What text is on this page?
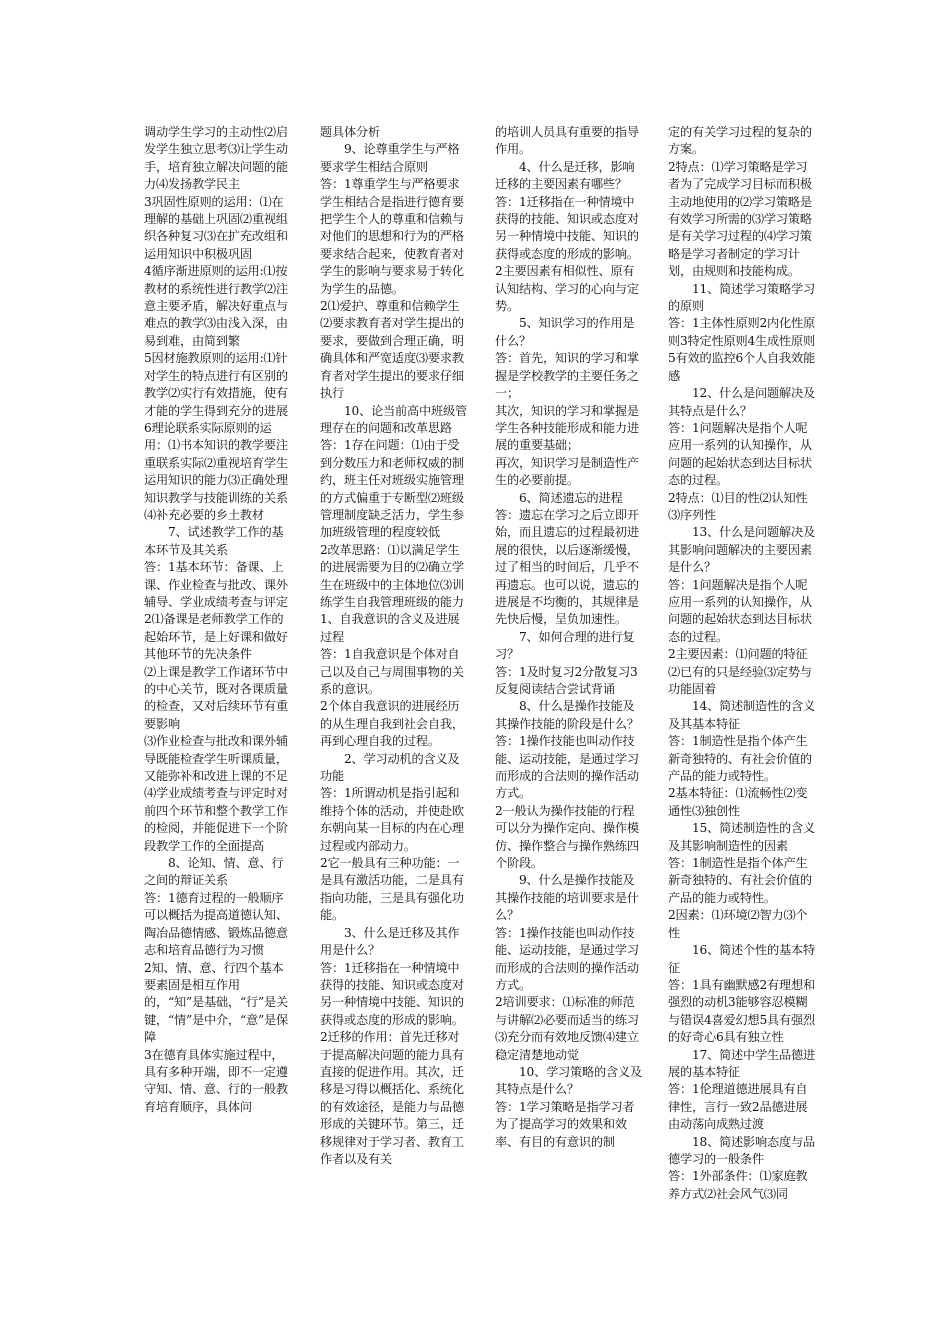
调动学生学习的主动性⑵启发学生独立思考⑶让学生动手，培育独立解决问题的能力⑷发扬教学民主

3巩固性原则的运用：⑴在理解的基础上巩固⑵重视组织各种复习⑶在扩充改组和运用知识中积极巩固

4循序渐进原则的运用:⑴按教材的系统性进行教学⑵注意主要矛盾，解决好重点与难点的教学⑶由浅入深，由易到难，由简到繁

5因材施教原则的运用:⑴针对学生的特点进行有区别的教学⑵实行有效措施，使有才能的学生得到充分的进展

6理论联系实际原则的运用：⑴书本知识的教学要注重联系实际⑵重视培育学生运用知识的能力⑶正确处理知识教学与技能训练的关系⑷补充必要的乡土教材

　　7、试述教学工作的基本环节及其关系

答：1基本环节：备课、上课、作业检查与批改、课外辅导、学业成绩考查与评定

2⑴备课是老师教学工作的起始环节，是上好课和做好其他环节的先决条件

⑵上课是教学工作诸环节中的中心关节，既对各课质量的检查，又对后续环节有重要影响

⑶作业检查与批改和课外辅导既能检查学生听课质量，又能弥补和改进上课的不足

⑷学业成绩考查与评定时对前四个环节和整个教学工作的检阅，并能促进下一个阶段教学工作的全面提高

　　8、论知、情、意、行之间的辩证关系

答：1德育过程的一般顺序可以概括为提高道德认知、陶冶品德情感、锻炼品德意志和培育品德行为习惯

2知、情、意、行四个基本要素固是相互作用的，“知”是基础，“行”是关键，“情”是中介，“意”是保障

3在德育具体实施过程中，具有多种开端，即不一定遵守知、情、意、行的一般教育培育顺序，具体问

题具体分析

　　9、论尊重学生与严格要求学生相结合原则

答：1尊重学生与严格要求学生相结合是指进行德育要把学生个人的尊重和信赖与对他们的思想和行为的严格要求结合起来，使教育者对学生的影响与要求易于转化为学生的品德。

2⑴爱护、尊重和信赖学生⑵要求教育者对学生提出的要求，要做到合理正确，明确具体和严宽适度⑶要求教育者对学生提出的要求仔细执行

　　10、论当前高中班级管理存在的问题和改革思路

答：1存在问题：⑴由于受到分数压力和老师权威的制约，班主任对班级实施管理的方式偏重于专断型⑵班级管理制度缺乏活力，学生参加班级管理的程度较低

2改革思路：⑴以满足学生的进展需要为目的⑵确立学生在班级中的主体地位⑶训练学生自我管理班级的能力1、自我意识的含义及进展过程

答：1自我意识是个体对自己以及自己与周围事物的关系的意识。

2个体自我意识的进展经历的从生理自我到社会自我，再到心理自我的过程。

　　2、学习动机的含义及功能

答：1所谓动机是指引起和维持个体的活动，并使赴欧东朝向某一目标的内在心理过程或内部动力。

2它一般具有三种功能：一是具有激活功能，二是具有指向功能，三是具有强化功能。

　　3、什么是迁移及其作用是什么？

答：1迁移指在一种情境中获得的技能、知识或态度对另一种情境中技能、知识的获得或态度的形成的影响。

2迁移的作用：首先迁移对于提高解决问题的能力具有直接的促进作用。其次，迁移是习得以概括化、系统化的有效途径，是能力与品德形成的关键环节。第三，迁移规律对于学习者、教育工作者以及有关

的培训人员具有重要的指导作用。

　　4、什么是迁移，影响迁移的主要因素有哪些？

答：1迁移指在一种情境中获得的技能、知识或态度对另一种情境中技能、知识的获得或态度的形成的影响。

2主要因素有相似性、原有认知结构、学习的心向与定势。

　　5、知识学习的作用是什么？

答：首先，知识的学习和掌握是学校教学的主要任务之一；

其次，知识的学习和掌握是学生各种技能形成和能力进展的重要基础；

再次，知识学习是制造性产生的必要前提。

　　6、简述遗忘的进程

答：遗忘在学习之后立即开始，而且遗忘的过程最初进展的很快，以后逐渐缓慢，过了相当的时间后，几乎不再遗忘。也可以说，遗忘的进展是不均衡的，其规律是先快后慢，呈负加速性。

　　7、如何合理的进行复习？

答：1及时复习2分散复习3反复阅读结合尝试背诵

　　8、什么是操作技能及其操作技能的阶段是什么？

答：1操作技能也叫动作技能、运动技能，是通过学习而形成的合法则的操作活动方式。

2一般认为操作技能的行程可以分为操作定向、操作模仿、操作整合与操作熟练四个阶段。

　　9、什么是操作技能及其操作技能的培训要求是什么？

答：1操作技能也叫动作技能、运动技能，是通过学习而形成的合法则的操作活动方式。

2培训要求：⑴标准的师范与讲解⑵必要而适当的练习⑶充分而有效地反馈⑷建立稳定清楚地动觉

　　10、学习策略的含义及其特点是什么？

答：1学习策略是指学习者为了提高学习的效果和效率、有目的有意识的制

定的有关学习过程的复杂的方案。

2特点：⑴学习策略是学习者为了完成学习目标而积极主动地使用的⑵学习策略是有效学习所需的⑶学习策略是有关学习过程的⑷学习策略是学习者制定的学习计划，由规则和技能构成。

　　11、简述学习策略学习的原则

答：1主体性原则2内化性原则3特定性原则4生成性原则5有效的监控6个人自我效能感

　　12、什么是问题解决及其特点是什么？

答：1问题解决是指个人呢应用一系列的认知操作，从问题的起始状态到达目标状态的过程。

2特点：⑴目的性⑵认知性⑶序列性

　　13、什么是问题解决及其影响问题解决的主要因素是什么？

答：1问题解决是指个人呢应用一系列的认知操作，从问题的起始状态到达目标状态的过程。

2主要因素：⑴问题的特征⑵已有的只是经验⑶定势与功能固着

　　14、简述制造性的含义及其基本特征

答：1制造性是指个体产生新奇独特的、有社会价值的产品的能力或特性。

2基本特征：⑴流畅性⑵变通性⑶独创性

　　15、简述制造性的含义及其影响制造性的因素

答：1制造性是指个体产生新奇独特的、有社会价值的产品的能力或特性。

2因素：⑴环境⑵智力⑶个性

　　16、简述个性的基本特征

答：1具有幽默感2有理想和强烈的动机3能够容忍模糊与错误4喜爱幻想5具有强烈的好奇心6具有独立性

　　17、简述中学生品德进展的基本特征

答：1伦理道德进展具有自律性，言行一致2品德进展由动荡向成熟过渡

　　18、简述影响态度与品德学习的一般条件

答：1外部条件：⑴家庭教养方式⑵社会风气⑶同
